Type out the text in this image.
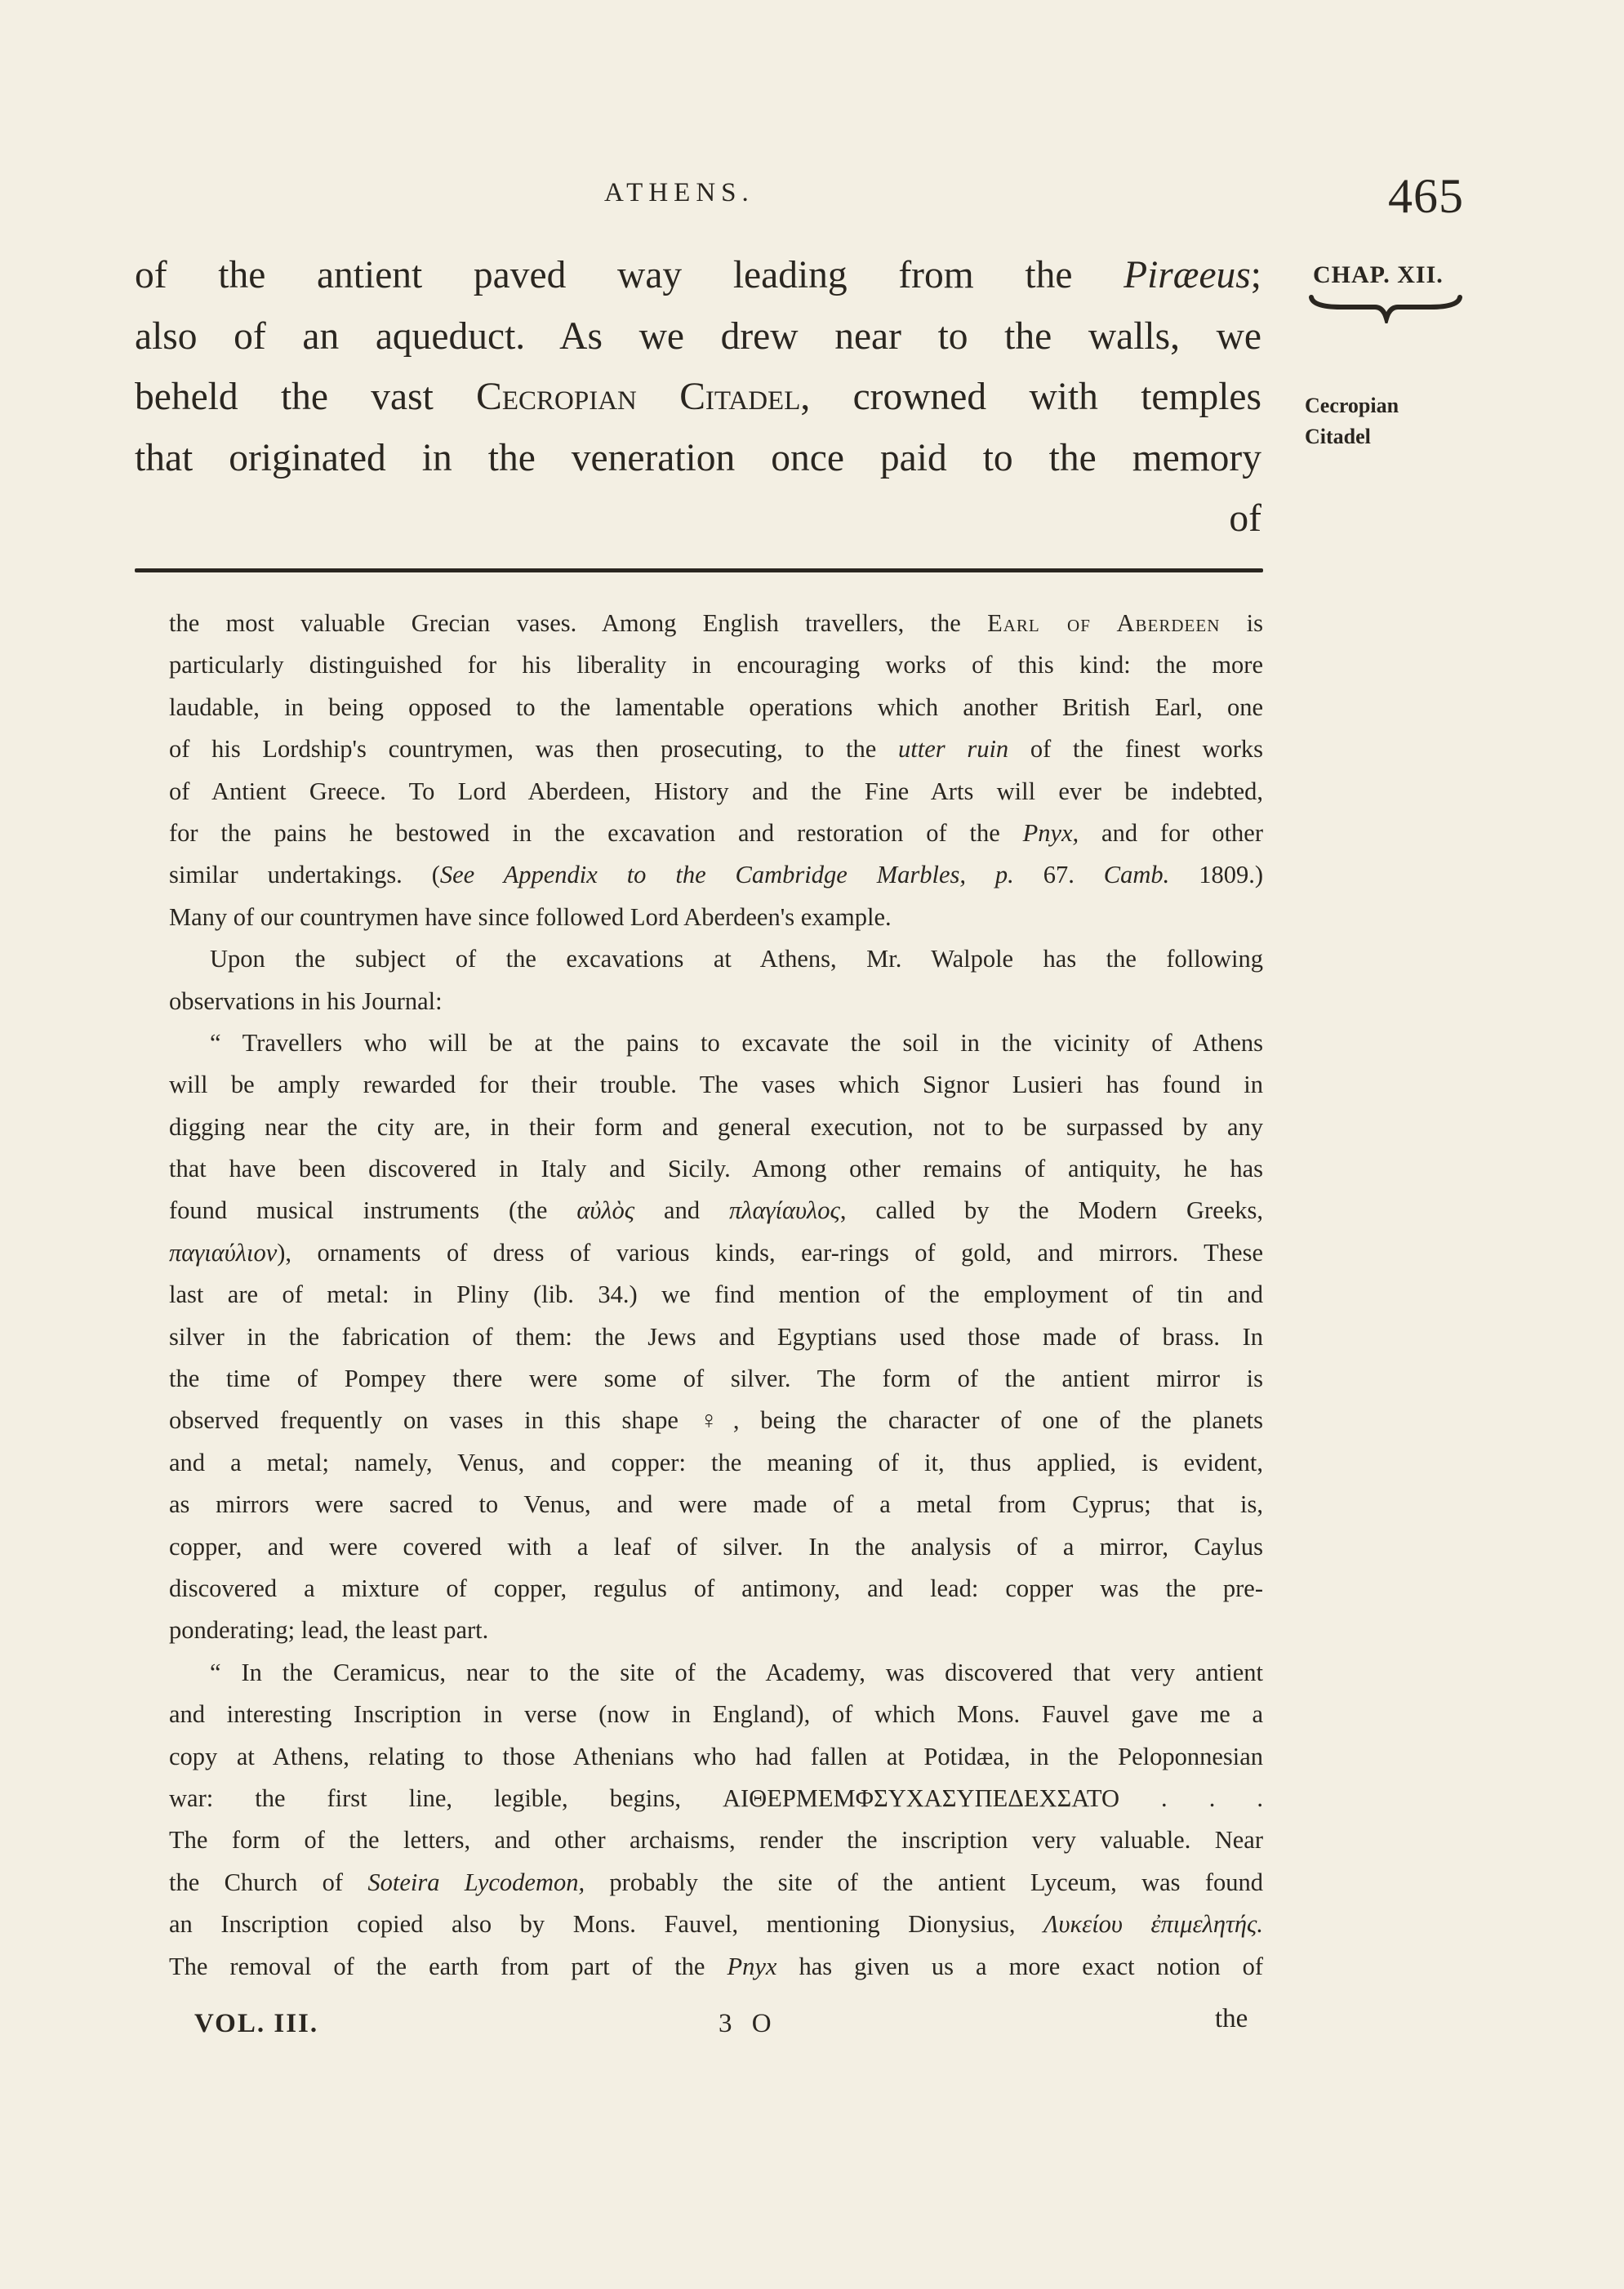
ATHENS.	465
CHAP. XII.
Cecropian
Citadel
of the antient paved way leading from the Piræeus;
also of an aqueduct. As we drew near to the walls, we
beheld the vast Cecropian Citadel, crowned with temples
that originated in the veneration once paid to the memory
of
the most valuable Grecian vases. Among English travellers, the Earl of Aberdeen is
particularly distinguished for his liberality in encouraging works of this kind: the more
laudable, in being opposed to the lamentable operations which another British Earl, one
of his Lordship's countrymen, was then prosecuting, to the utter ruin of the finest works
of Antient Greece. To Lord Aberdeen, History and the Fine Arts will ever be indebted,
for the pains he bestowed in the excavation and restoration of the Pnyx, and for other
similar undertakings. (See Appendix to the Cambridge Marbles, p. 67. Camb. 1809.)
Many of our countrymen have since followed Lord Aberdeen's example.
Upon the subject of the excavations at Athens, Mr. Walpole has the following
observations in his Journal:
“ Travellers who will be at the pains to excavate the soil in the vicinity of Athens
will be amply rewarded for their trouble. The vases which Signor Lusieri has found in
digging near the city are, in their form and general execution, not to be surpassed by any
that have been discovered in Italy and Sicily. Among other remains of antiquity, he has
found musical instruments (the αὐλὸς and πλαγίαυλος, called by the Modern Greeks,
παγιαύλιον), ornaments of dress of various kinds, ear-rings of gold, and mirrors. These
last are of metal: in Pliny (lib. 34.) we find mention of the employment of tin and
silver in the fabrication of them: the Jews and Egyptians used those made of brass. In
the time of Pompey there were some of silver. The form of the antient mirror is
observed frequently on vases in this shape ♀, being the character of one of the planets
and a metal; namely, Venus, and copper: the meaning of it, thus applied, is evident,
as mirrors were sacred to Venus, and were made of a metal from Cyprus; that is,
copper, and were covered with a leaf of silver. In the analysis of a mirror, Caylus
discovered a mixture of copper, regulus of antimony, and lead: copper was the pre-
ponderating; lead, the least part.
“ In the Ceramicus, near to the site of the Academy, was discovered that very antient
and interesting Inscription in verse (now in England), of which Mons. Fauvel gave me a
copy at Athens, relating to those Athenians who had fallen at Potidæa, in the Peloponnesian
war: the first line, legible, begins, ΑΙΘΕΡΜΕΜΦΣΥΧΑΣΥΠΕΔΕΧΣΑΤΟ . . .
The form of the letters, and other archaisms, render the inscription very valuable. Near
the Church of Soteira Lycodemon, probably the site of the antient Lyceum, was found
an Inscription copied also by Mons. Fauvel, mentioning Dionysius, Λυκείου ἐπιμελητής.
The removal of the earth from part of the Pnyx has given us a more exact notion of
VOL. III.	3 O	the
